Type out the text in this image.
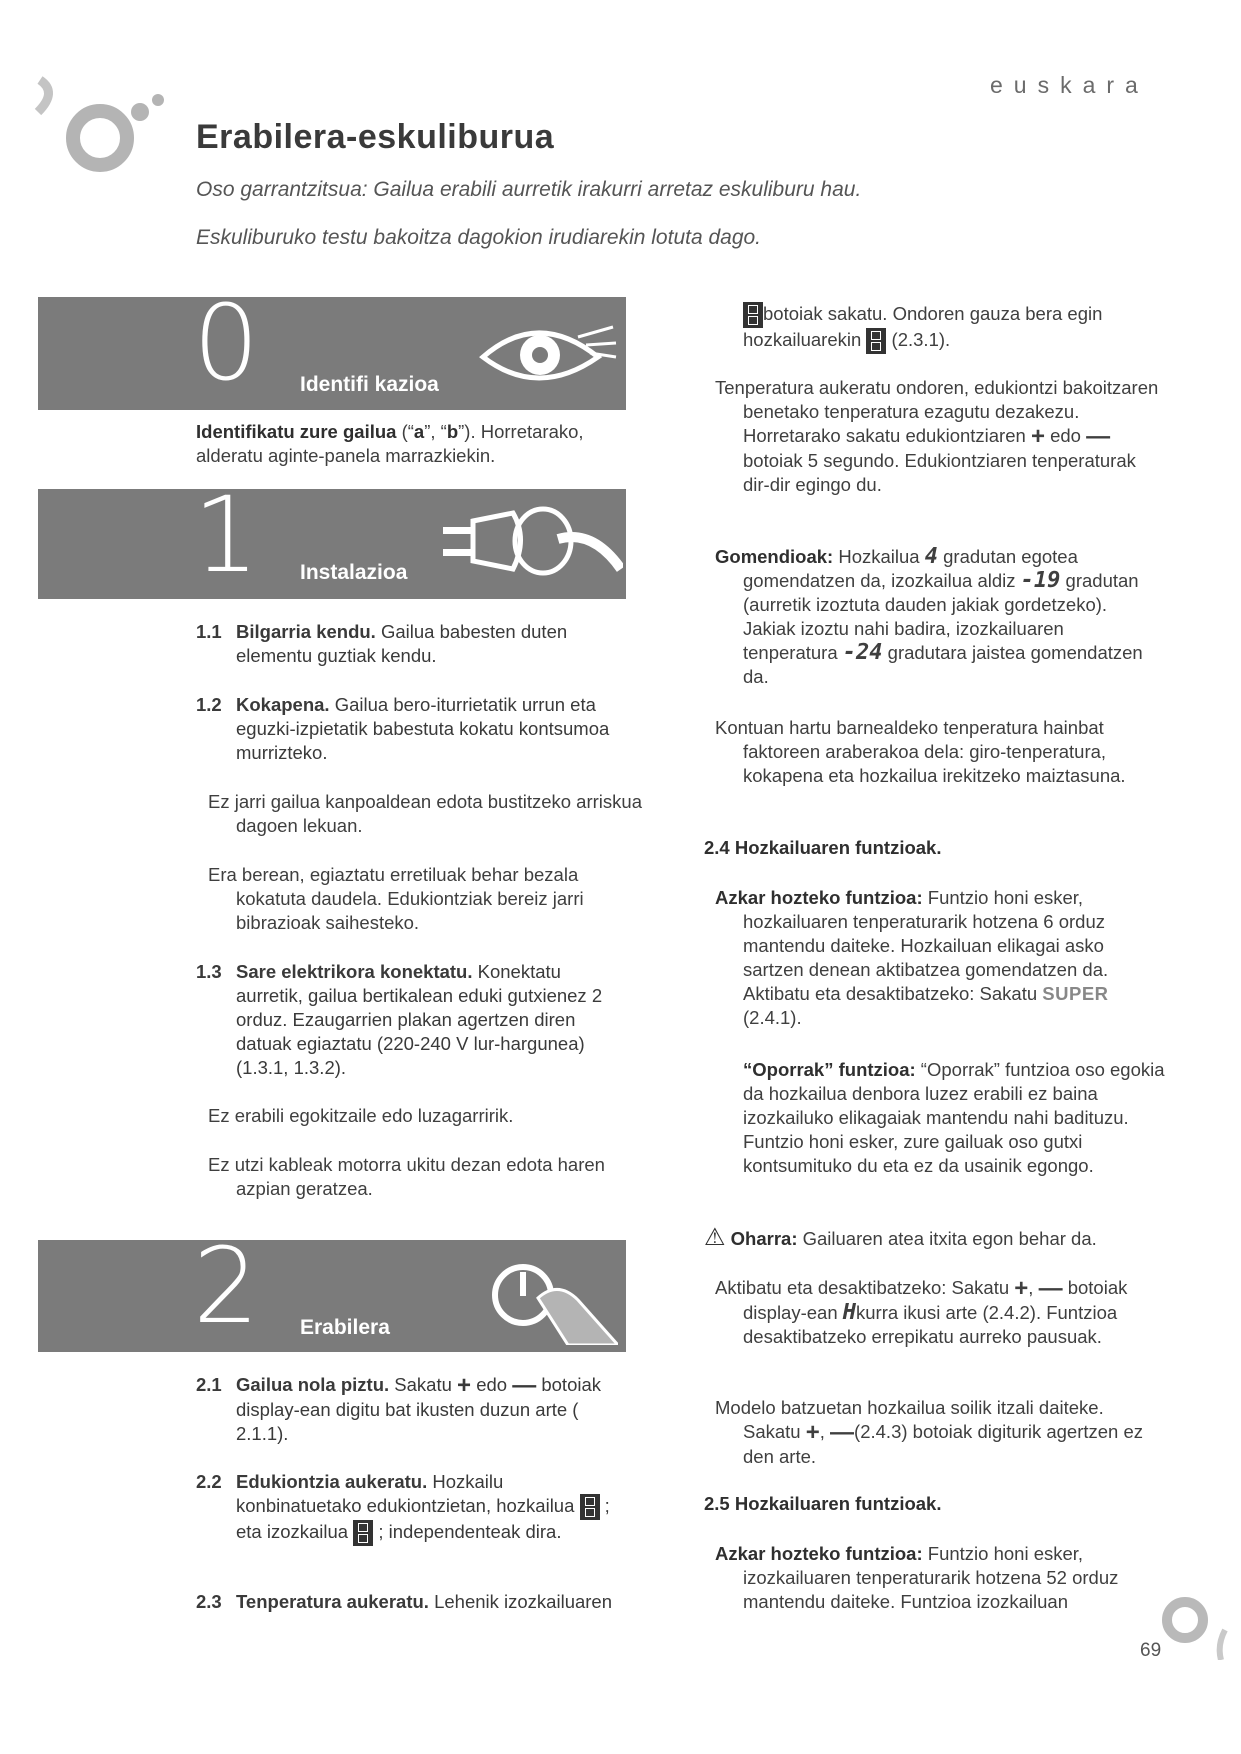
euskara
Erabilera-eskuliburua
Oso garrantzitsua: Gailua erabili aurretik irakurri arretaz eskuliburu hau.
Eskuliburuko testu bakoitza dagokion irudiarekin lotuta dago.
0 Identifi kazioa
Identifikatu zure gailua (“a”, “b”). Horretarako,
alderatu aginte-panela marrazkiekin.
1 Instalazioa
1.1 Bilgarria kendu. Gailua babesten duten elementu guztiak kendu.
1.2 Kokapena. Gailua bero-iturrietatik urrun eta eguzki-izpietatik babestuta kokatu kontsumoa murrizteko.
Ez jarri gailua kanpoaldean edota bustitzeko arriskua dagoen lekuan.
Era berean, egiaztatu erretiluak behar bezala kokatuta daudela. Edukiontziak bereiz jarri bibrazioak saihesteko.
1.3 Sare elektrikora konektatu. Konektatu aurretik, gailua bertikalean eduki gutxienez 2 orduz. Ezaugarrien plakan agertzen diren datuak egiaztatu (220-240 V lur-hargunea) (1.3.1, 1.3.2).
Ez erabili egokitzaile edo luzagarririk.
Ez utzi kableak motorra ukitu dezan edota haren azpian geratzea.
2 Erabilera
2.1 Gailua nola piztu. Sakatu + edo — botoiak display-ean digitu bat ikusten duzun arte ( 2.1.1).
2.2 Edukiontzia aukeratu. Hozkailu konbinatuetako edukiontzietan, hozkailua  ; eta izozkailua  ; independenteak dira.
2.3 Tenperatura aukeratu. Lehenik izozkailuaren
botoiak sakatu. Ondoren gauza bera egin hozkailuarekin  (2.3.1).
Tenperatura aukeratu ondoren, edukiontzi bakoitzaren benetako tenperatura ezagutu dezakezu. Horretarako sakatu edukiontziaren + edo — botoiak 5 segundo. Edukiontziaren tenperaturak dir-dir egingo du.
Gomendioak: Hozkailua 4 gradutan egotea gomendatzen da, izozkailua aldiz -19 gradutan (aurretik izoztuta dauden jakiak gordetzeko). Jakiak izoztu nahi badira, izozkailuaren tenperatura -24 gradutara jaistea gomendatzen da.
Kontuan hartu barnealdeko tenperatura hainbat faktoreen araberakoa dela: giro-tenperatura, kokapena eta hozkailua irekitzeko maiztasuna.
2.4 Hozkailuaren funtzioak.
Azkar hozteko funtzioa: Funtzio honi esker, hozkailuaren tenperaturarik hotzena 6 orduz mantendu daiteke. Hozkailuan elikagai asko sartzen denean aktibatzea gomendatzen da. Aktibatu eta desaktibatzeko: Sakatu SUPER (2.4.1).
“Oporrak” funtzioa: “Oporrak” funtzioa oso egokia da hozkailua denbora luzez erabili ez baina izozkailuko elikagaiak mantendu nahi badituzu. Funtzio honi esker, zure gailuak oso gutxi kontsumituko du eta ez da usainik egongo.
⚠ Oharra: Gailuaren atea itxita egon behar da.
Aktibatu eta desaktibatzeko: Sakatu +, — botoiak display-ean Hkurra ikusi arte (2.4.2). Funtzioa desaktibatzeko errepikatu aurreko pausuak.
Modelo batzuetan hozkailua soilik itzali daiteke. Sakatu +, —(2.4.3) botoiak digiturik agertzen ez den arte.
2.5 Hozkailuaren funtzioak.
Azkar hozteko funtzioa: Funtzio honi esker, izozkailuaren tenperaturarik hotzena 52 orduz mantendu daiteke. Funtzioa izozkailuan
69
